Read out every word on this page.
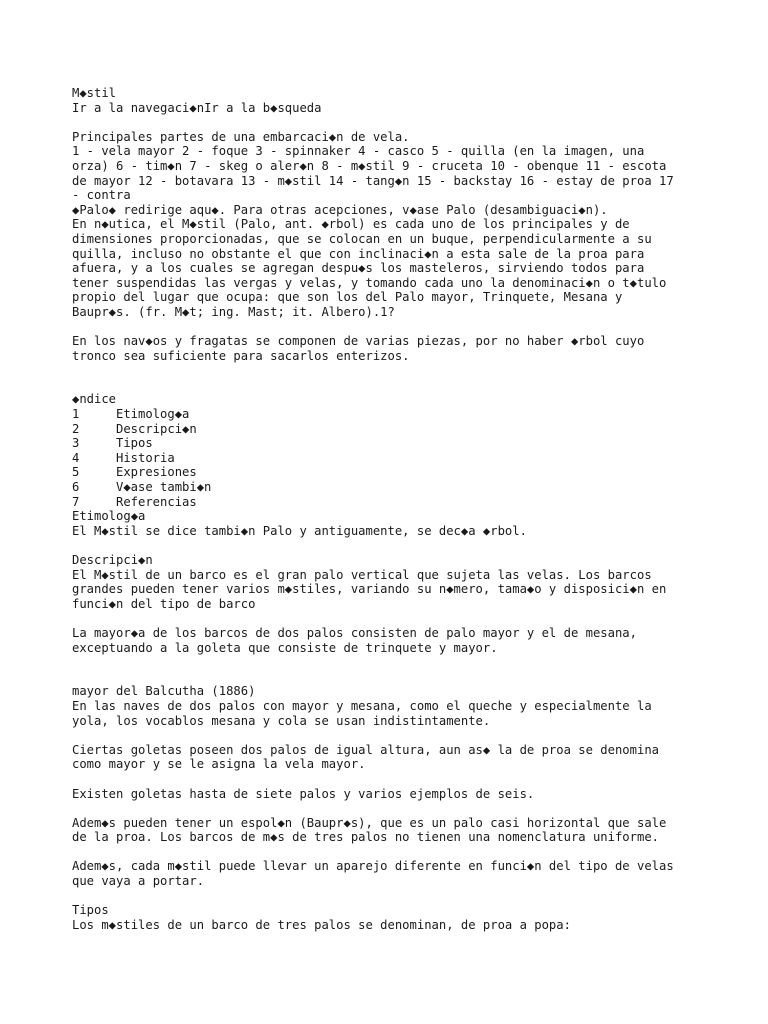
M◆stil
Ir a la navegaci◆nIr a la b◆squeda
Principales partes de una embarcaci◆n de vela.
1 - vela mayor 2 - foque 3 - spinnaker 4 - casco 5 - quilla (en la imagen, una
orza) 6 - tim◆n 7 - skeg o aler◆n 8 - m◆stil 9 - cruceta 10 - obenque 11 - escota
de mayor 12 - botavara 13 - m◆stil 14 - tang◆n 15 - backstay 16 - estay de proa 17
- contra
◆Palo◆ redirige aqu◆. Para otras acepciones, v◆ase Palo (desambiguaci◆n).
En n◆utica, el M◆stil (Palo, ant. ◆rbol) es cada uno de los principales y de
dimensiones proporcionadas, que se colocan en un buque, perpendicularmente a su
quilla, incluso no obstante el que con inclinaci◆n a esta sale de la proa para
afuera, y a los cuales se agregan despu◆s los masteleros, sirviendo todos para
tener suspendidas las vergas y velas, y tomando cada uno la denominaci◆n o t◆tulo
propio del lugar que ocupa: que son los del Palo mayor, Trinquete, Mesana y
Baupr◆s. (fr. M◆t; ing. Mast; it. Albero).1?
En los nav◆os y fragatas se componen de varias piezas, por no haber ◆rbol cuyo
tronco sea suficiente para sacarlos enterizos.
◆ndice
1	Etimolog◆a
2	Descripci◆n
3	Tipos
4	Historia
5	Expresiones
6	V◆ase tambi◆n
7	Referencias
Etimolog◆a
El M◆stil se dice tambi◆n Palo y antiguamente, se dec◆a ◆rbol.
Descripci◆n
El M◆stil de un barco es el gran palo vertical que sujeta las velas. Los barcos
grandes pueden tener varios m◆stiles, variando su n◆mero, tama◆o y disposici◆n en
funci◆n del tipo de barco
La mayor◆a de los barcos de dos palos consisten de palo mayor y el de mesana,
exceptuando a la goleta que consiste de trinquete y mayor.
mayor del Balcutha (1886)
En las naves de dos palos con mayor y mesana, como el queche y especialmente la
yola, los vocablos mesana y cola se usan indistintamente.
Ciertas goletas poseen dos palos de igual altura, aun as◆ la de proa se denomina
como mayor y se le asigna la vela mayor.
Existen goletas hasta de siete palos y varios ejemplos de seis.
Adem◆s pueden tener un espol◆n (Baupr◆s), que es un palo casi horizontal que sale
de la proa. Los barcos de m◆s de tres palos no tienen una nomenclatura uniforme.
Adem◆s, cada m◆stil puede llevar un aparejo diferente en funci◆n del tipo de velas
que vaya a portar.
Tipos
Los m◆stiles de un barco de tres palos se denominan, de proa a popa:
